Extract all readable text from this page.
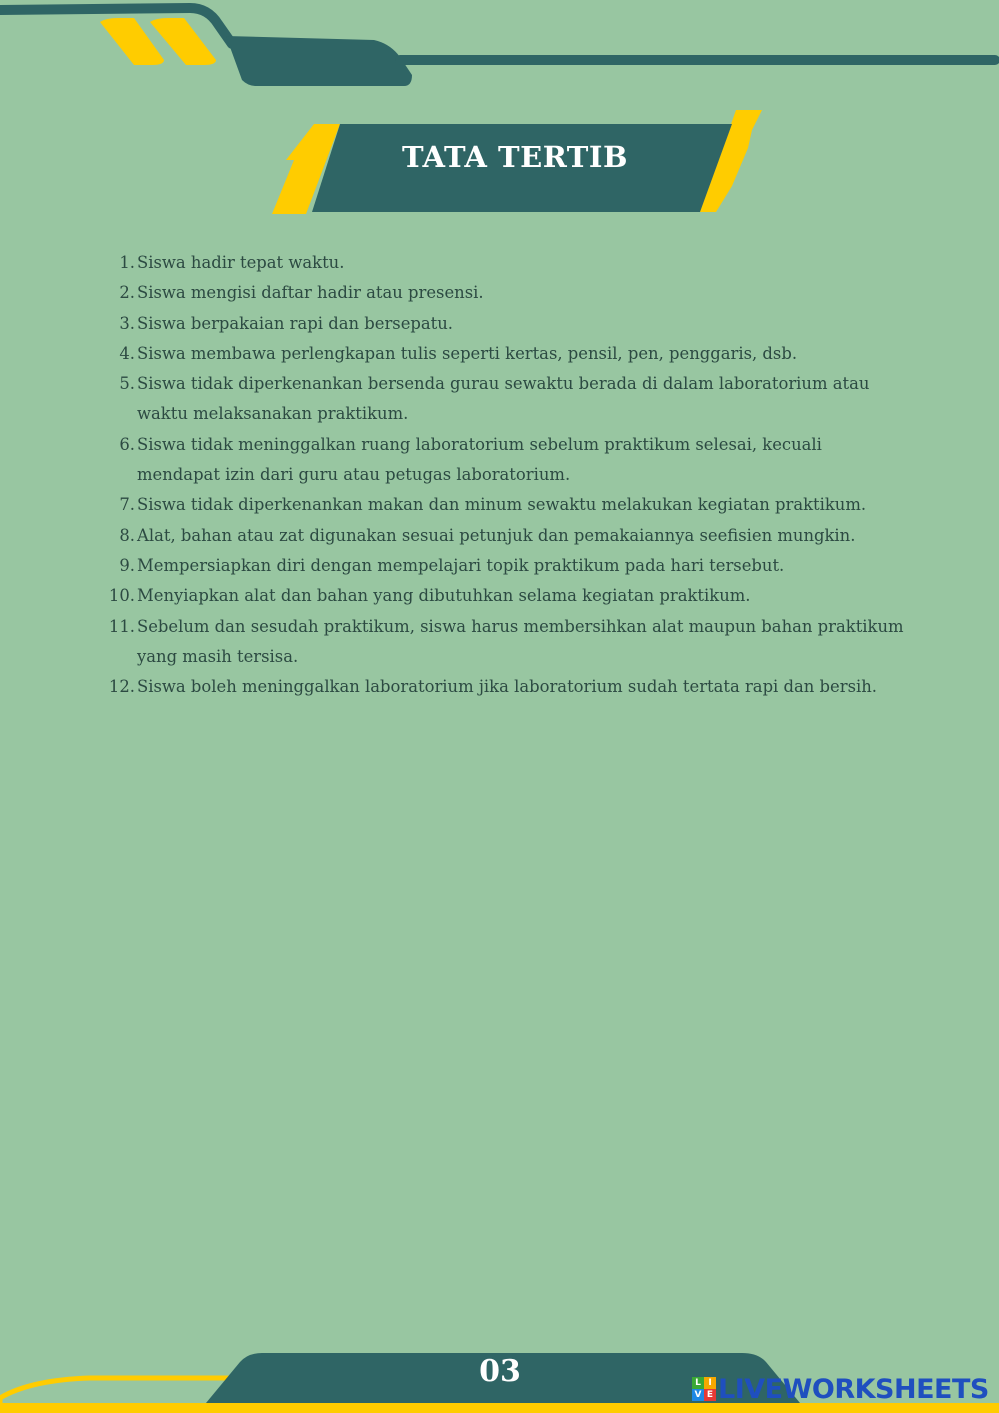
TATA TERTIB
1. Siswa hadir tepat waktu.
2. Siswa mengisi daftar hadir atau presensi.
3. Siswa berpakaian rapi dan bersepatu.
4. Siswa membawa perlengkapan tulis seperti kertas, pensil, pen, penggaris, dsb.
5. Siswa tidak diperkenankan bersenda gurau sewaktu berada di dalam laboratorium atau waktu melaksanakan praktikum.
6. Siswa tidak meninggalkan ruang laboratorium sebelum praktikum selesai, kecuali mendapat izin dari guru atau petugas laboratorium.
7. Siswa tidak diperkenankan makan dan minum sewaktu melakukan kegiatan praktikum.
8. Alat, bahan atau zat digunakan sesuai petunjuk dan pemakaiannya seefisien mungkin.
9. Mempersiapkan diri dengan mempelajari topik praktikum pada hari tersebut.
10. Menyiapkan alat dan bahan yang dibutuhkan selama kegiatan praktikum.
11. Sebelum dan sesudah praktikum, siswa harus membersihkan alat maupun bahan praktikum yang masih tersisa.
12. Siswa boleh meninggalkan laboratorium jika laboratorium sudah tertata rapi dan bersih.
03	L I
V E LIVEWORKSHEETS
